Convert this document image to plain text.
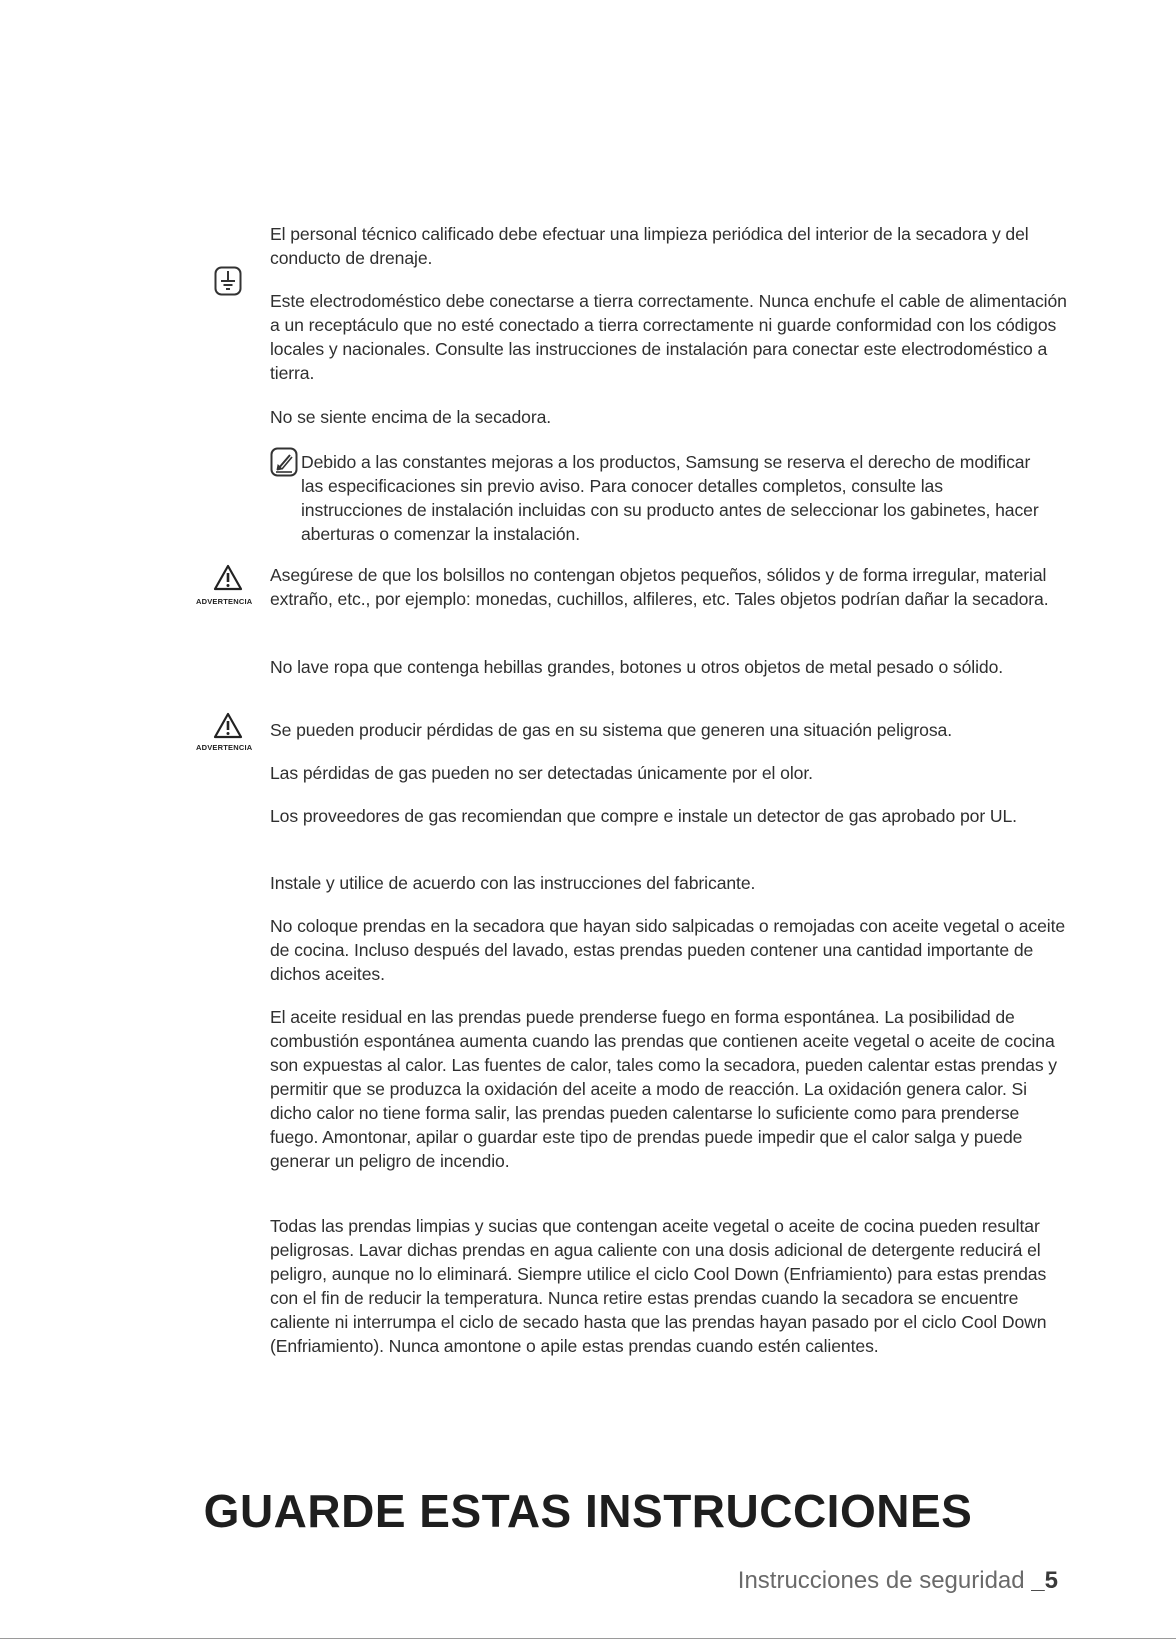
El personal técnico calificado debe efectuar una limpieza periódica del interior de la secadora y del conducto de drenaje.

Este electrodoméstico debe conectarse a tierra correctamente. Nunca enchufe el cable de alimentación a un receptáculo que no esté conectado a tierra correctamente ni guarde conformidad con los códigos locales y nacionales. Consulte las instrucciones de instalación para conectar este electrodoméstico a tierra.

No se siente encima de la secadora.

Debido a las constantes mejoras a los productos, Samsung se reserva el derecho de modificar las especificaciones sin previo aviso. Para conocer detalles completos, consulte las instrucciones de instalación incluidas con su producto antes de seleccionar los gabinetes, hacer aberturas o comenzar la instalación.

ADVERTENCIA

Asegúrese de que los bolsillos no contengan objetos pequeños, sólidos y de forma irregular, material extraño, etc., por ejemplo: monedas, cuchillos, alfileres, etc. Tales objetos podrían dañar la secadora.

No lave ropa que contenga hebillas grandes, botones u otros objetos de metal pesado o sólido.

ADVERTENCIA

Se pueden producir pérdidas de gas en su sistema que generen una situación peligrosa.

Las pérdidas de gas pueden no ser detectadas únicamente por el olor.

Los proveedores de gas recomiendan que compre e instale un detector de gas aprobado por UL.

Instale y utilice de acuerdo con las instrucciones del fabricante.

No coloque prendas en la secadora que hayan sido salpicadas o remojadas con aceite vegetal o aceite de cocina. Incluso después del lavado, estas prendas pueden contener una cantidad importante de dichos aceites.

El aceite residual en las prendas puede prenderse fuego en forma espontánea. La posibilidad de combustión espontánea aumenta cuando las prendas que contienen aceite vegetal o aceite de cocina son expuestas al calor. Las fuentes de calor, tales como la secadora, pueden calentar estas prendas y permitir que se produzca la oxidación del aceite a modo de reacción. La oxidación genera calor. Si dicho calor no tiene forma salir, las prendas pueden calentarse lo suficiente como para prenderse fuego. Amontonar, apilar o guardar este tipo de prendas puede impedir que el calor salga y puede generar un peligro de incendio.

Todas las prendas limpias y sucias que contengan aceite vegetal o aceite de cocina pueden resultar peligrosas. Lavar dichas prendas en agua caliente con una dosis adicional de detergente reducirá el peligro, aunque no lo eliminará. Siempre utilice el ciclo Cool Down (Enfriamiento) para estas prendas con el fin de reducir la temperatura. Nunca retire estas prendas cuando la secadora se encuentre caliente ni interrumpa el ciclo de secado hasta que las prendas hayan pasado por el ciclo Cool Down (Enfriamiento). Nunca amontone o apile estas prendas cuando estén calientes.

GUARDE ESTAS INSTRUCCIONES
Instrucciones de seguridad _5
